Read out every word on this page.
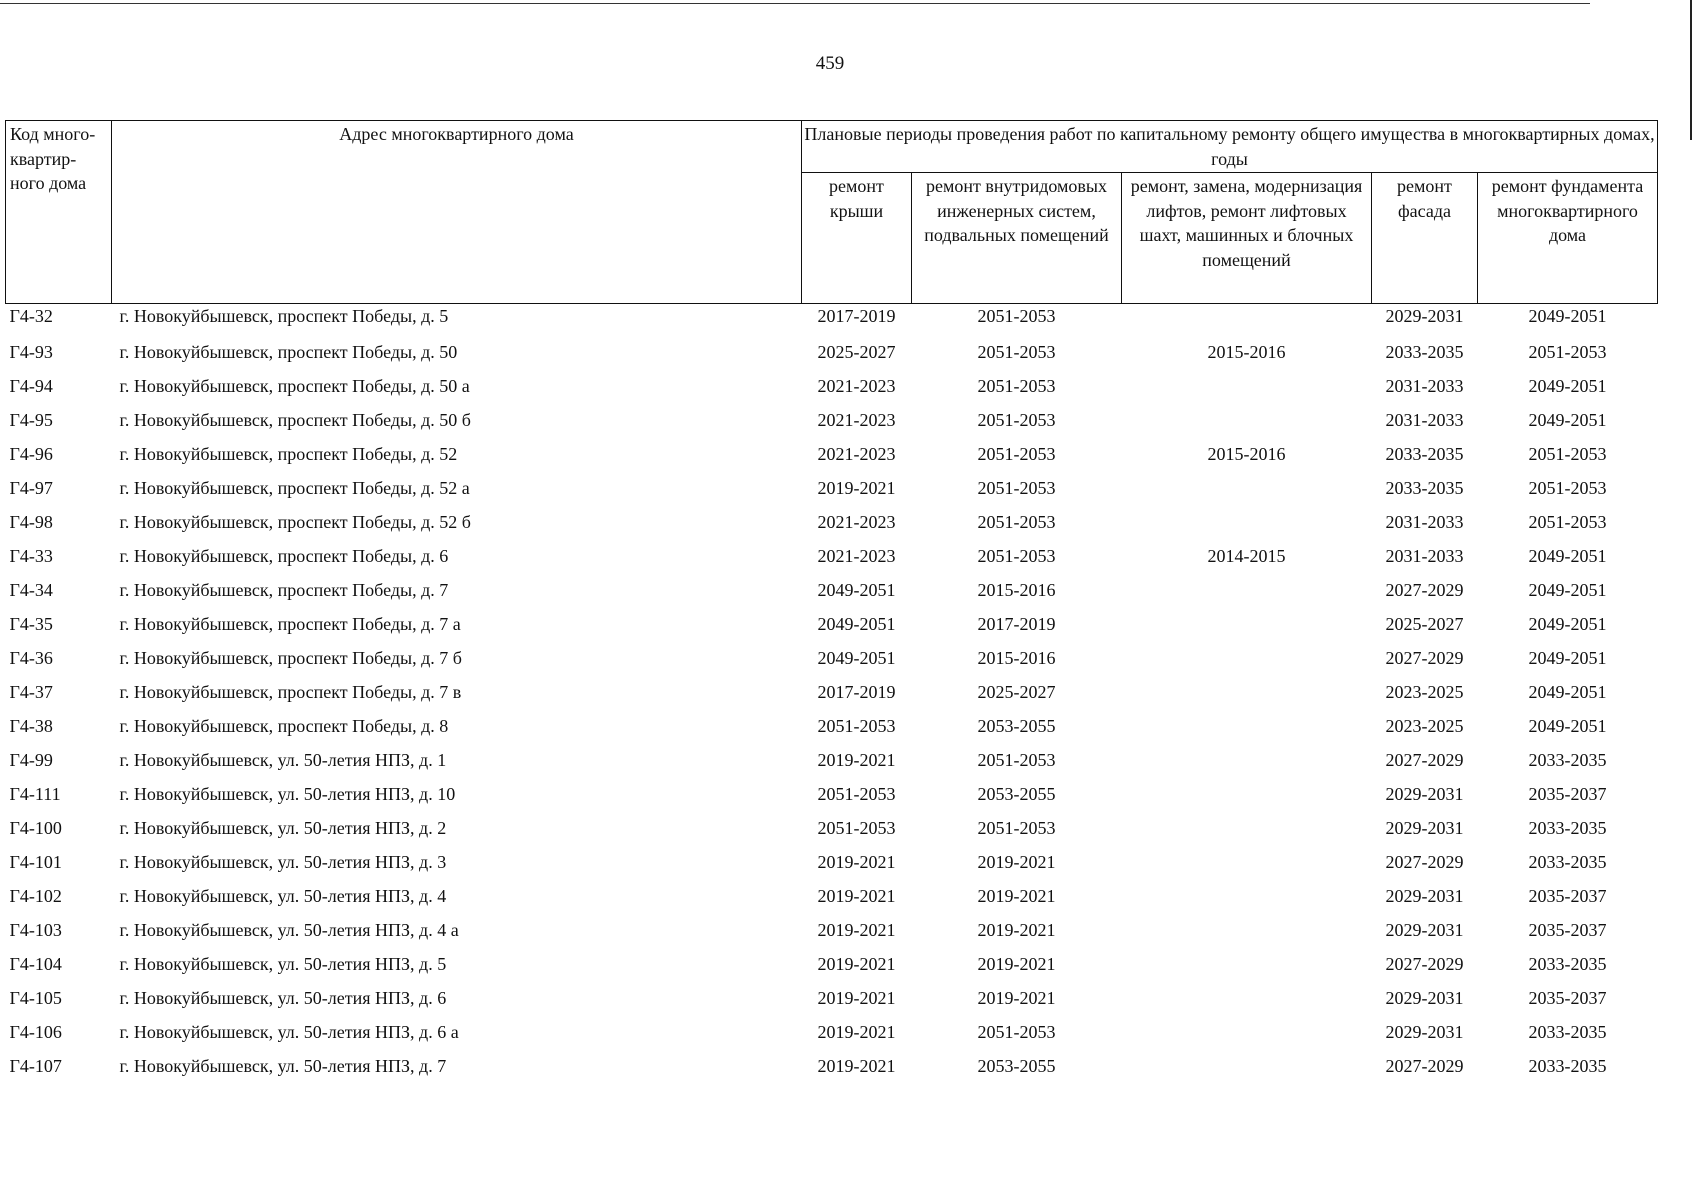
459
Код много-квартир-ного дома	Адрес многоквартирного дома	Плановые периоды проведения работ по капитальному ремонту общего имущества в многоквартирных домах, годы				
		ремонт крыши	ремонт внутридомовых инженерных систем, подвальных помещений	ремонт, замена, модернизация лифтов, ремонт лифтовых шахт, машинных и блочных помещений	ремонт фасада	ремонт фундамента многоквартирного дома
Г4-32	г. Новокуйбышевск, проспект Победы, д. 5	2017-2019	2051-2053		2029-2031	2049-2051
Г4-93	г. Новокуйбышевск, проспект Победы, д. 50	2025-2027	2051-2053	2015-2016	2033-2035	2051-2053
Г4-94	г. Новокуйбышевск, проспект Победы, д. 50 а	2021-2023	2051-2053		2031-2033	2049-2051
Г4-95	г. Новокуйбышевск, проспект Победы, д. 50 б	2021-2023	2051-2053		2031-2033	2049-2051
Г4-96	г. Новокуйбышевск, проспект Победы, д. 52	2021-2023	2051-2053	2015-2016	2033-2035	2051-2053
Г4-97	г. Новокуйбышевск, проспект Победы, д. 52 а	2019-2021	2051-2053		2033-2035	2051-2053
Г4-98	г. Новокуйбышевск, проспект Победы, д. 52 б	2021-2023	2051-2053		2031-2033	2051-2053
Г4-33	г. Новокуйбышевск, проспект Победы, д. 6	2021-2023	2051-2053	2014-2015	2031-2033	2049-2051
Г4-34	г. Новокуйбышевск, проспект Победы, д. 7	2049-2051	2015-2016		2027-2029	2049-2051
Г4-35	г. Новокуйбышевск, проспект Победы, д. 7 а	2049-2051	2017-2019		2025-2027	2049-2051
Г4-36	г. Новокуйбышевск, проспект Победы, д. 7 б	2049-2051	2015-2016		2027-2029	2049-2051
Г4-37	г. Новокуйбышевск, проспект Победы, д. 7 в	2017-2019	2025-2027		2023-2025	2049-2051
Г4-38	г. Новокуйбышевск, проспект Победы, д. 8	2051-2053	2053-2055		2023-2025	2049-2051
Г4-99	г. Новокуйбышевск, ул. 50-летия НПЗ, д. 1	2019-2021	2051-2053		2027-2029	2033-2035
Г4-111	г. Новокуйбышевск, ул. 50-летия НПЗ, д. 10	2051-2053	2053-2055		2029-2031	2035-2037
Г4-100	г. Новокуйбышевск, ул. 50-летия НПЗ, д. 2	2051-2053	2051-2053		2029-2031	2033-2035
Г4-101	г. Новокуйбышевск, ул. 50-летия НПЗ, д. 3	2019-2021	2019-2021		2027-2029	2033-2035
Г4-102	г. Новокуйбышевск, ул. 50-летия НПЗ, д. 4	2019-2021	2019-2021		2029-2031	2035-2037
Г4-103	г. Новокуйбышевск, ул. 50-летия НПЗ, д. 4 а	2019-2021	2019-2021		2029-2031	2035-2037
Г4-104	г. Новокуйбышевск, ул. 50-летия НПЗ, д. 5	2019-2021	2019-2021		2027-2029	2033-2035
Г4-105	г. Новокуйбышевск, ул. 50-летия НПЗ, д. 6	2019-2021	2019-2021		2029-2031	2035-2037
Г4-106	г. Новокуйбышевск, ул. 50-летия НПЗ, д. 6 а	2019-2021	2051-2053		2029-2031	2033-2035
Г4-107	г. Новокуйбышевск, ул. 50-летия НПЗ, д. 7	2019-2021	2053-2055		2027-2029	2033-2035
